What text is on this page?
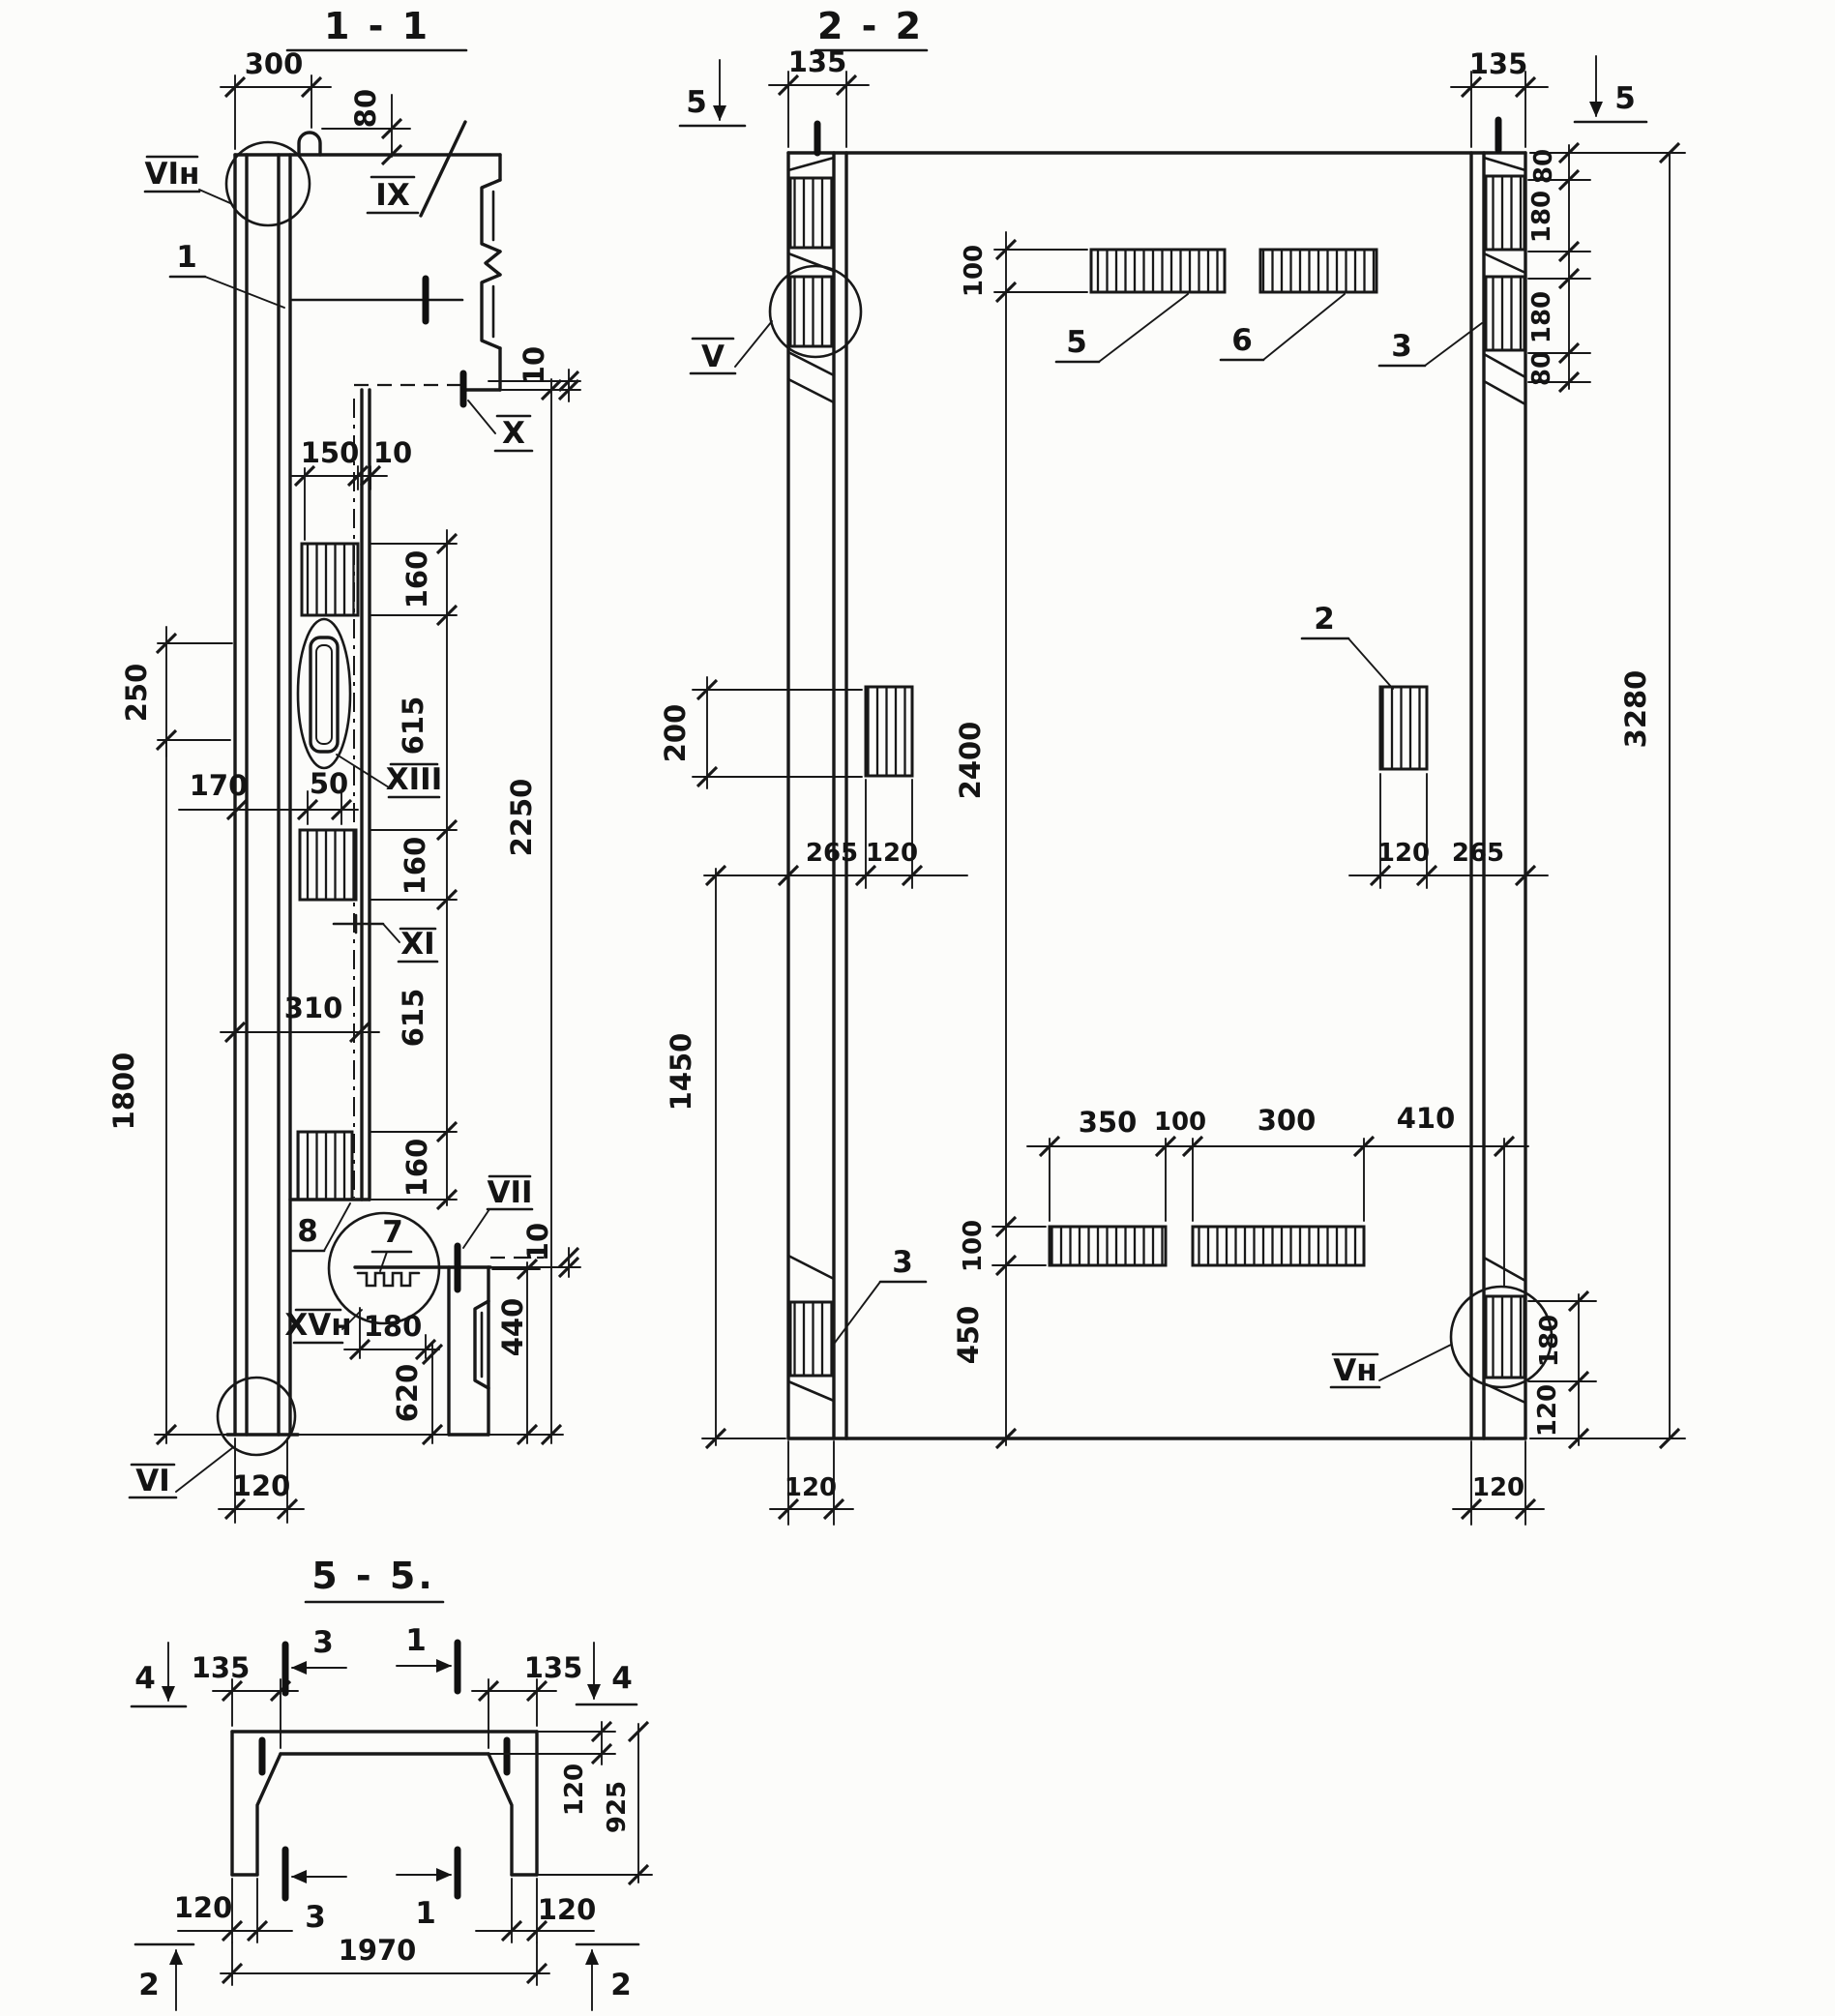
1 - 1
300
80
10
150 10
160
615
160
615
160
2250
170 50
250
1800
310
180
620
440
10
120
VIн
1
IX
X
XIII
XI
8 7
VII
XVн
VI
2 - 2
5	5
135	135
80
180
180
80
3280
100
2400
100
450
5	6	3
V
200
2
265 120	120 265
1450
350 100 300	410
3
Vн
180
120
120	120
5 - 5.
4 135
3 1
135 4
120 925
120 3	1	120
1970
2	2
